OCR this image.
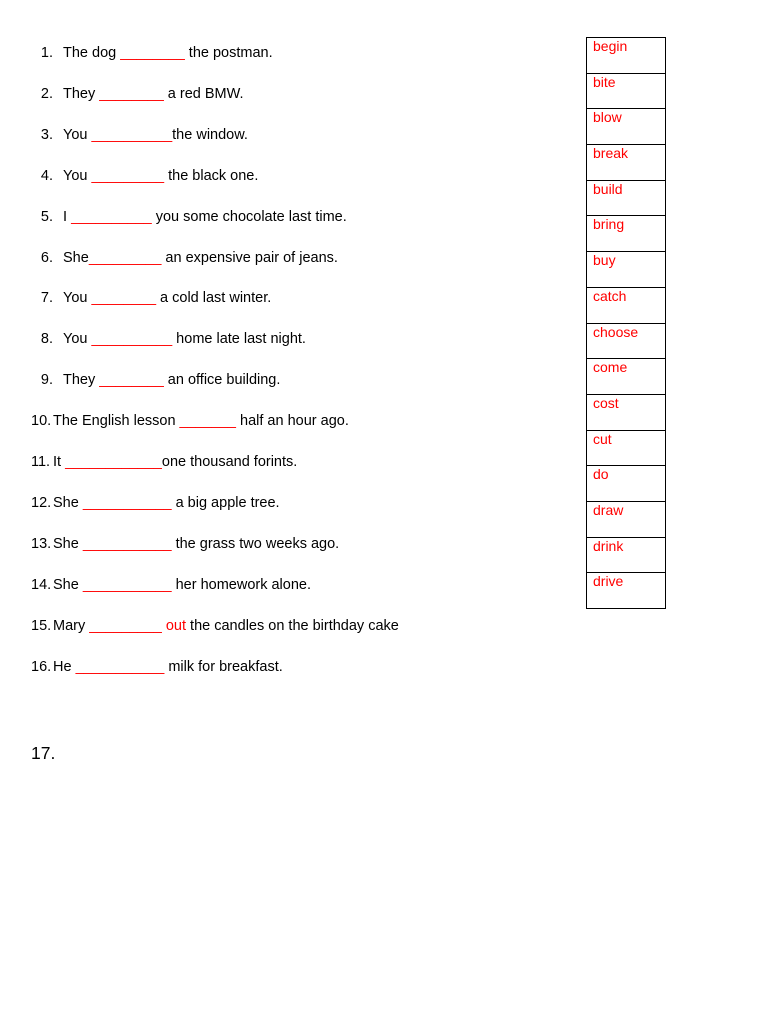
1. The dog ________ the postman.
2. They ________ a red BMW.
3. You __________the window.
4. You _________ the black one.
5. I __________ you some chocolate last time.
6. She_________ an expensive pair of jeans.
7. You ________ a cold last winter.
8. You __________ home late last night.
9. They ________ an office building.
10. The English lesson _______ half an hour ago.
11. It ____________one thousand forints.
12. She ___________ a big apple tree.
13. She ___________ the grass two weeks ago.
14. She ___________ her homework alone.
15. Mary _________ out the candles on the birthday cake
16. He ___________ milk for breakfast.
17.
begin
bite
blow
break
build
bring
buy
catch
choose
come
cost
cut
do
draw
drink
drive
